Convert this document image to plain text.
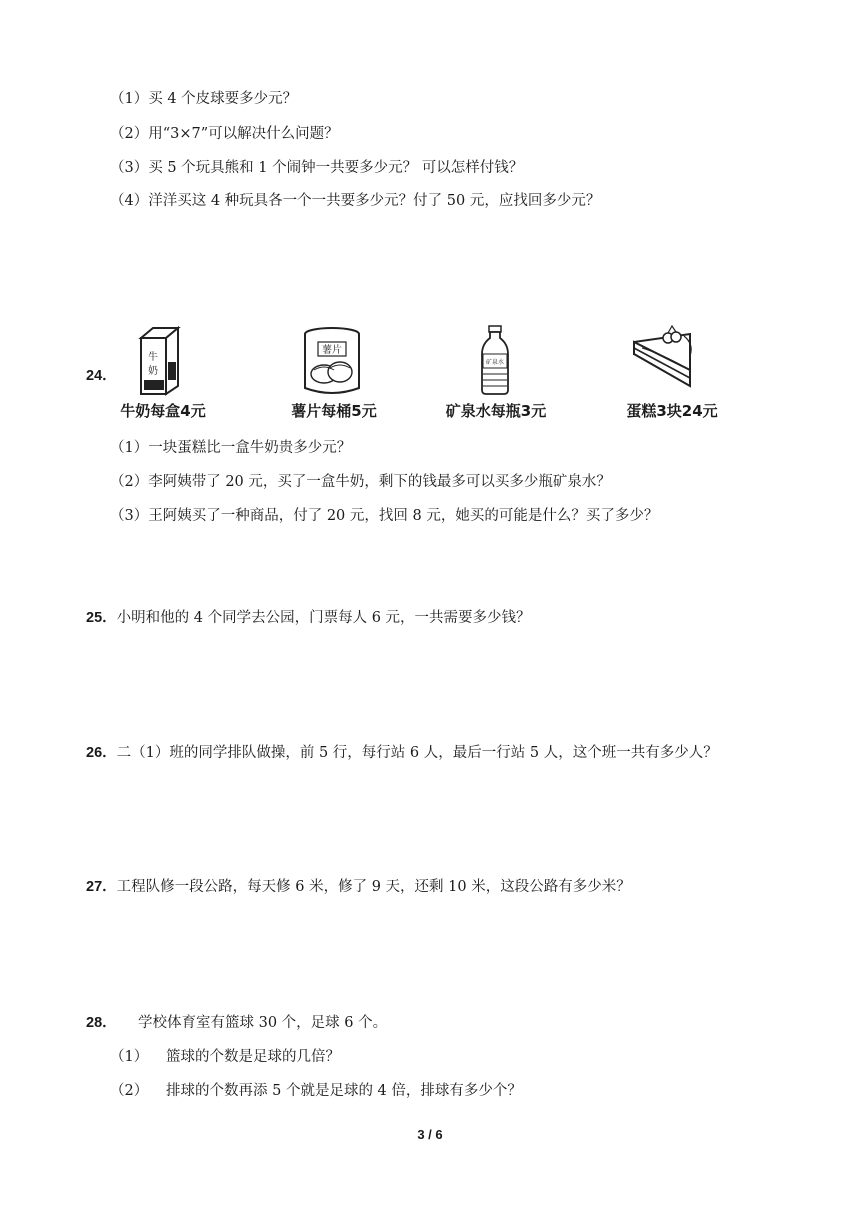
（1）买 4 个皮球要多少元？
（2）用“3×7”可以解决什么问题？
（3）买 5 个玩具熊和 1 个闹钟一共要多少元？ 可以怎样付钱？
（4）洋洋买这 4 种玩具各一个一共要多少元？付了 50 元，应找回多少元？
24．
牛
奶
牛奶每盒4元
薯片
薯片每桶5元
矿泉水
矿泉水每瓶3元	蛋糕3块24元
（1）一块蛋糕比一盒牛奶贵多少元？
（2）李阿姨带了 20 元，买了一盒牛奶，剩下的钱最多可以买多少瓶矿泉水？
（3）王阿姨买了一种商品，付了 20 元，找回 8 元，她买的可能是什么？买了多少？
25．小明和他的 4 个同学去公园，门票每人 6 元，一共需要多少钱？
26．二（1）班的同学排队做操，前 5 行，每行站 6 人，最后一行站 5 人，这个班一共有多少人？
27．工程队修一段公路，每天修 6 米，修了 9 天，还剩 10 米，这段公路有多少米？
28． 学校体育室有篮球 30 个，足球 6 个。
（1） 篮球的个数是足球的几倍？
（2） 排球的个数再添 5 个就是足球的 4 倍，排球有多少个？
3 / 6
